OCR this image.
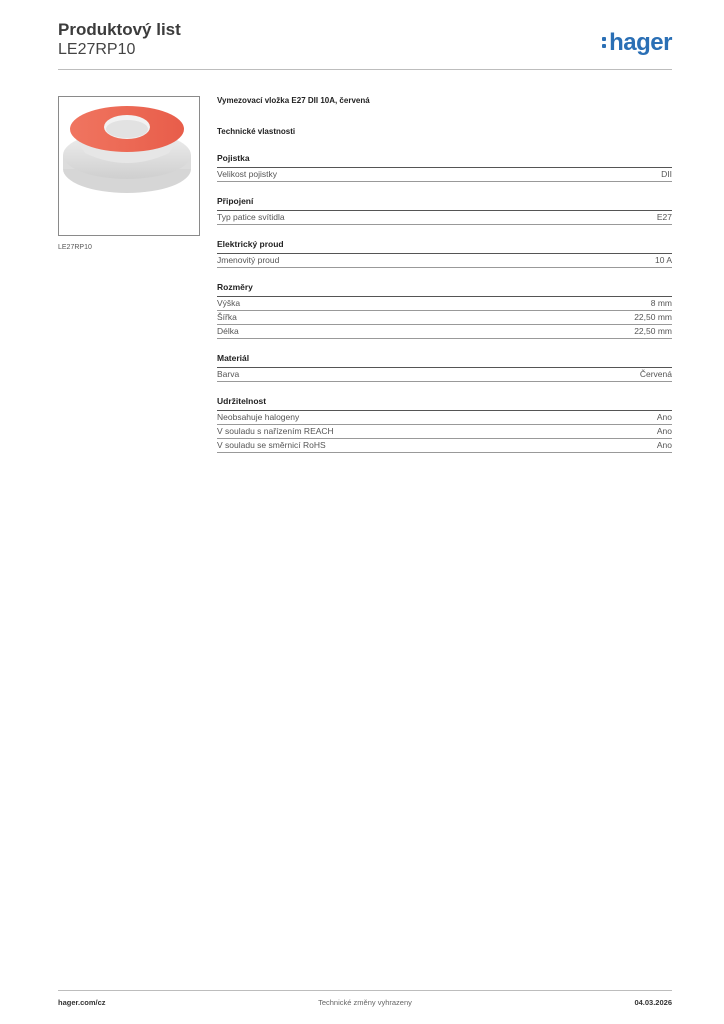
Produktový list
LE27RP10	hager
LE27RP10
Vymezovací vložka E27 DII 10A, červená
Technické vlastnosti
Pojistka
Velikost pojistky	DII
Připojení
Typ patice svítidla	E27
Elektrický proud
Jmenovitý proud	10 A
Rozměry
Výška	8 mm
Šířka	22,50 mm
Délka	22,50 mm
Materiál
Barva	Červená
Udržitelnost
Neobsahuje halogeny	Ano
V souladu s nařízením REACH	Ano
V souladu se směrnicí RoHS	Ano
hager.com/cz	Technické změny vyhrazeny	04.03.2026
